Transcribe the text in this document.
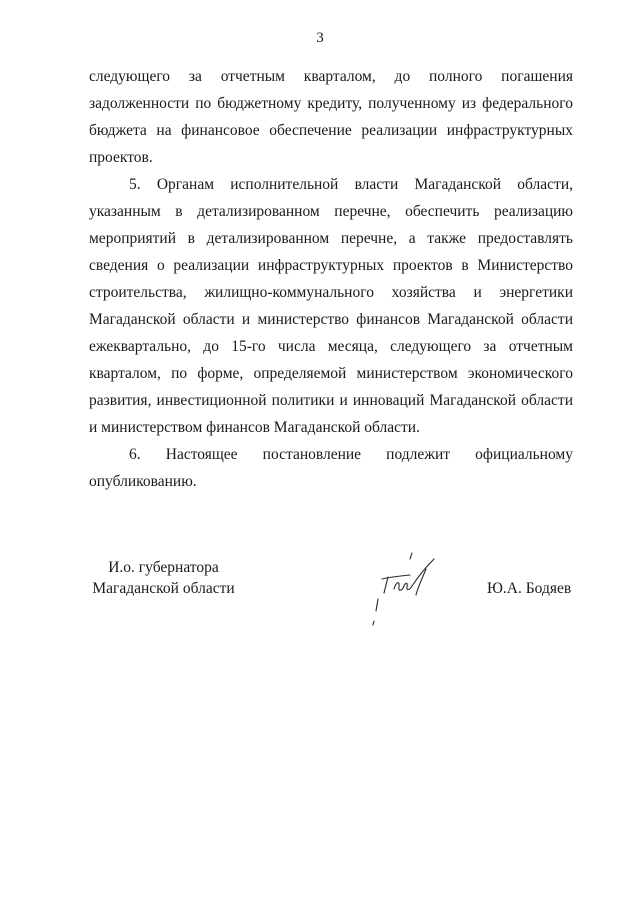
3

следующего за отчетным кварталом, до полного погашения задолженности по бюджетному кредиту, полученному из федерального бюджета на финансовое обеспечение реализации инфраструктурных проектов.

5. Органам исполнительной власти Магаданской области, указанным в детализированном перечне, обеспечить реализацию мероприятий в детализированном перечне, а также предоставлять сведения о реализации инфраструктурных проектов в Министерство строительства, жилищно-коммунального хозяйства и энергетики Магаданской области и министерство финансов Магаданской области ежеквартально, до 15-го числа месяца, следующего за отчетным кварталом, по форме, определяемой министерством экономического развития, инвестиционной политики и инноваций Магаданской области и министерством финансов Магаданской области.

6. Настоящее постановление подлежит официальному опубликованию.

И.о. губернатора
Магаданской области	Ю.А. Бодяев
